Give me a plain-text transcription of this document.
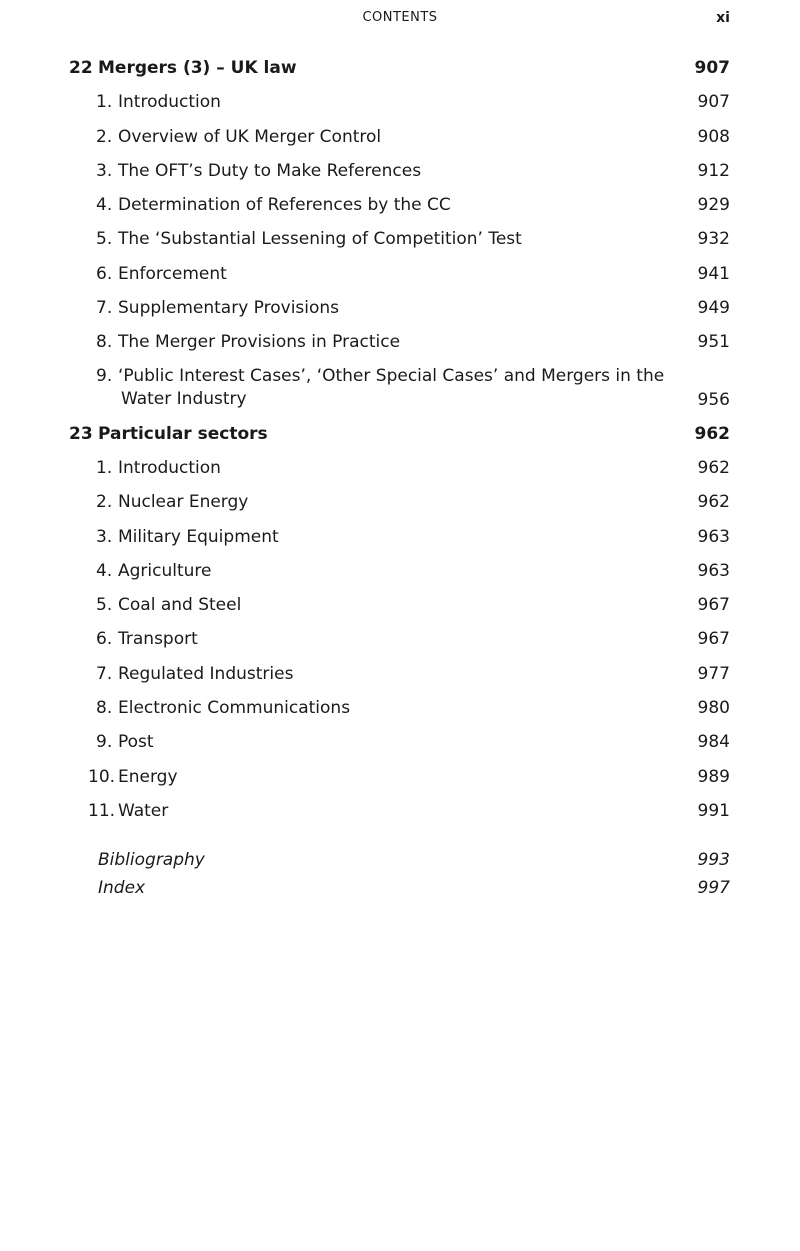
CONTENTS	xi
22 Mergers (3) – UK law	907
1. Introduction	907
2. Overview of UK Merger Control	908
3. The OFT’s Duty to Make References	912
4. Determination of References by the CC	929
5. The ‘Substantial Lessening of Competition’ Test	932
6. Enforcement	941
7. Supplementary Provisions	949
8. The Merger Provisions in Practice	951
9. ‘Public Interest Cases’, ‘Other Special Cases’ and Mergers in the
Water Industry	956
23 Particular sectors	962
1. Introduction	962
2. Nuclear Energy	962
3. Military Equipment	963
4. Agriculture	963
5. Coal and Steel	967
6. Transport	967
7. Regulated Industries	977
8. Electronic Communications	980
9. Post	984
10. Energy	989
11. Water	991
Bibliography	993
Index	997
